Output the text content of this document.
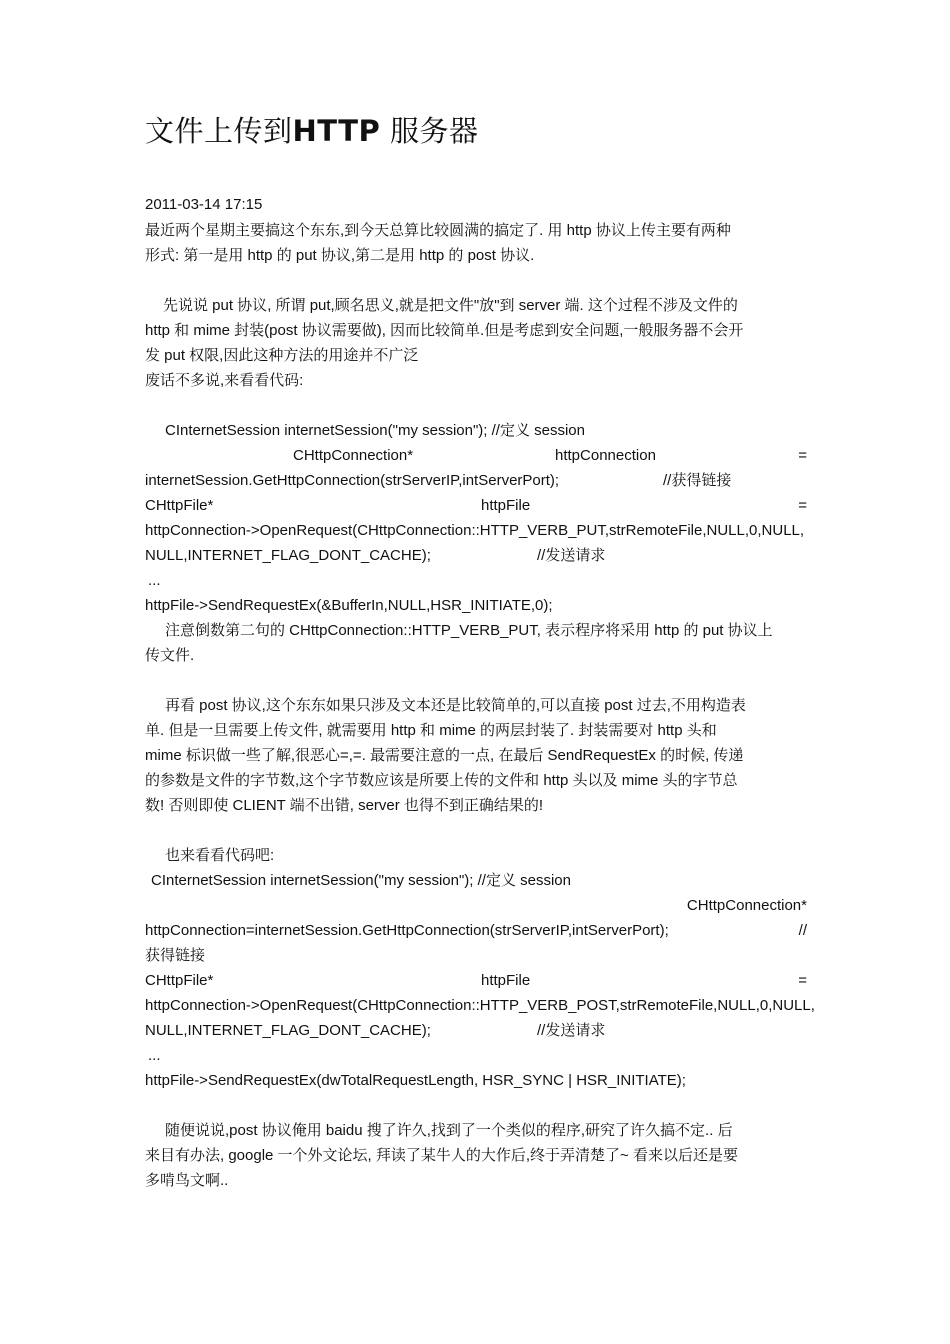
文件上传到HTTP 服务器
2011-03-14 17:15
最近两个星期主要搞这个东东,到今天总算比较圆满的搞定了. 用 http 协议上传主要有两种
形式: 第一是用 http 的 put 协议,第二是用 http 的 post 协议.
先说说 put 协议, 所谓 put,顾名思义,就是把文件"放"到 server 端. 这个过程不涉及文件的
http 和 mime 封装(post 协议需要做), 因而比较简单.但是考虑到安全问题,一般服务器不会开
发 put 权限,因此这种方法的用途并不广泛
废话不多说,来看看代码:
CInternetSession internetSession("my session"); //定义 session
CHttpConnection*	httpConnection	=
internetSession.GetHttpConnection(strServerIP,intServerPort);	//获得链接
CHttpFile*	httpFile	=
httpConnection->OpenRequest(CHttpConnection::HTTP_VERB_PUT,strRemoteFile,NULL,0,NULL,
NULL,INTERNET_FLAG_DONT_CACHE);	//发送请求
...
httpFile->SendRequestEx(&BufferIn,NULL,HSR_INITIATE,0);
注意倒数第二句的 CHttpConnection::HTTP_VERB_PUT, 表示程序将采用 http 的 put 协议上
传文件.
再看 post 协议,这个东东如果只涉及文本还是比较简单的,可以直接 post 过去,不用构造表
单. 但是一旦需要上传文件, 就需要用 http 和 mime 的两层封装了. 封装需要对 http 头和
mime 标识做一些了解,很恶心=,=. 最需要注意的一点, 在最后 SendRequestEx 的时候, 传递
的参数是文件的字节数,这个字节数应该是所要上传的文件和 http 头以及 mime 头的字节总
数! 否则即使 CLIENT 端不出错, server 也得不到正确结果的!
也来看看代码吧:
CInternetSession internetSession("my session"); //定义 session
CHttpConnection*
httpConnection=internetSession.GetHttpConnection(strServerIP,intServerPort);	//
获得链接
CHttpFile*	httpFile	=
httpConnection->OpenRequest(CHttpConnection::HTTP_VERB_POST,strRemoteFile,NULL,0,NULL,
NULL,INTERNET_FLAG_DONT_CACHE);	//发送请求
...
httpFile->SendRequestEx(dwTotalRequestLength, HSR_SYNC | HSR_INITIATE);
随便说说,post 协议俺用 baidu 搜了许久,找到了一个类似的程序,研究了许久搞不定.. 后
来目有办法, google 一个外文论坛, 拜读了某牛人的大作后,终于弄清楚了~ 看来以后还是要
多啃鸟文啊..
